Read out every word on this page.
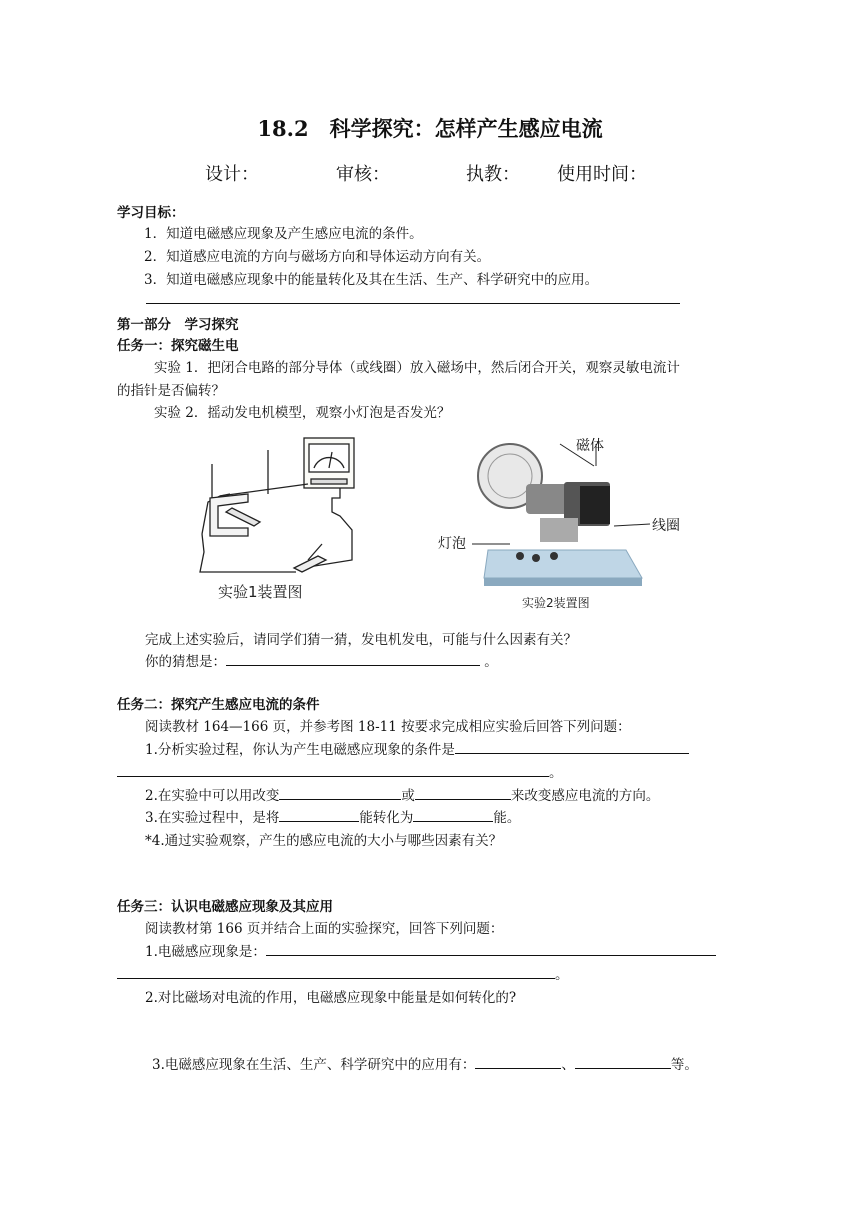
18.2　科学探究：怎样产生感应电流
设计：	审核：	执教： 使用时间：
学习目标：
1．知道电磁感应现象及产生感应电流的条件。
2．知道感应电流的方向与磁场方向和导体运动方向有关。
3．知道电磁感应现象中的能量转化及其在生活、生产、科学研究中的应用。
第一部分　学习探究
任务一：探究磁生电
实验 1．把闭合电路的部分导体（或线圈）放入磁场中，然后闭合开关，观察灵敏电流计
的指针是否偏转？
实验 2．摇动发电机模型，观察小灯泡是否发光？
实验1装置图
磁体
线圈
灯泡
实验2装置图
完成上述实验后，请同学们猜一猜，发电机发电，可能与什么因素有关？
你的猜想是：	。
任务二：探究产生感应电流的条件
阅读教材 164—166 页，并参考图 18-11 按要求完成相应实验后回答下列问题：
1.分析实验过程，你认为产生电磁感应现象的条件是
。
2.在实验中可以用改变	或	来改变感应电流的方向。
3.在实验过程中，是将	能转化为	能。
*4.通过实验观察，产生的感应电流的大小与哪些因素有关？
任务三：认识电磁感应现象及其应用
阅读教材第 166 页并结合上面的实验探究，回答下列问题：
1.电磁感应现象是：
。
2.对比磁场对电流的作用，电磁感应现象中能量是如何转化的?
3.电磁感应现象在生活、生产、科学研究中的应用有：	、	等。
